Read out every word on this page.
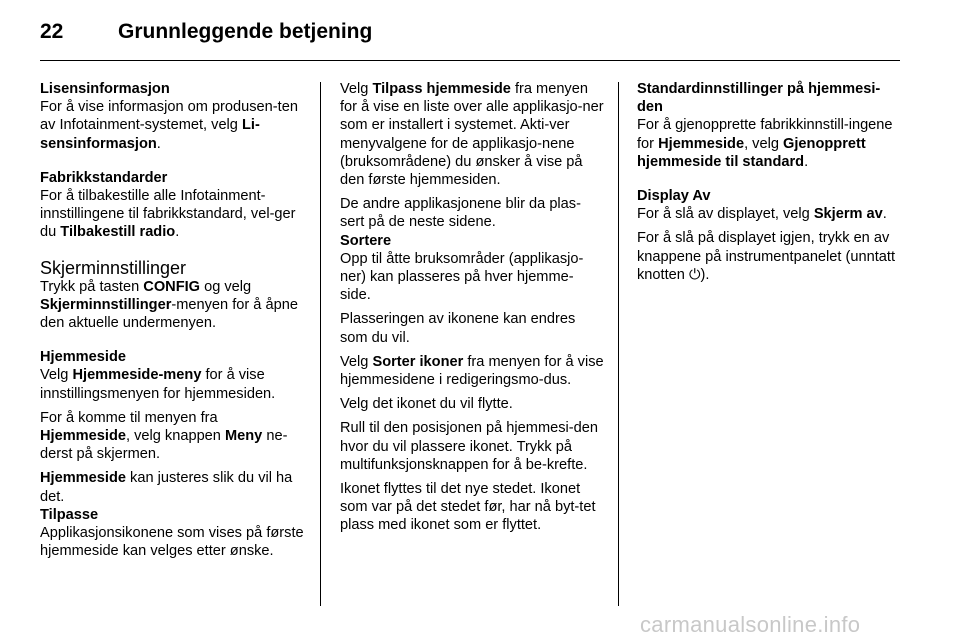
22	Grunnleggende betjening
Lisensinformasjon

For å vise informasjon om produsen-ten av Infotainment-systemet, velg Li-sensinformasjon.

Fabrikkstandarder

For å tilbakestille alle Infotainment-innstillingene til fabrikkstandard, vel-ger du Tilbakestill radio.

Skjerminnstillinger

Trykk på tasten CONFIG og velg Skjerminnstillinger-menyen for å åpne den aktuelle undermenyen.

Hjemmeside

Velg Hjemmeside-meny for å vise innstillingsmenyen for hjemmesiden.

For å komme til menyen fra Hjemmeside, velg knappen Meny ne-derst på skjermen.

Hjemmeside kan justeres slik du vil ha det.

Tilpasse

Applikasjonsikonene som vises på første hjemmeside kan velges etter ønske.

Velg Tilpass hjemmeside fra menyen for å vise en liste over alle applikasjo-ner som er installert i systemet. Akti-ver menyvalgene for de applikasjo-nene (bruksområdene) du ønsker å vise på den første hjemmesiden.

De andre applikasjonene blir da plas-sert på de neste sidene.

Sortere

Opp til åtte bruksområder (applikasjo-ner) kan plasseres på hver hjemme-side.

Plasseringen av ikonene kan endres som du vil.

Velg Sorter ikoner fra menyen for å vise hjemmesidene i redigeringsmo-dus.

Velg det ikonet du vil flytte.

Rull til den posisjonen på hjemmesi-den hvor du vil plassere ikonet. Trykk på multifunksjonsknappen for å be-krefte.

Ikonet flyttes til det nye stedet. Ikonet som var på det stedet før, har nå byt-tet plass med ikonet som er flyttet.

Standardinnstillinger på hjemmesi-den

For å gjenopprette fabrikkinnstill-ingene for Hjemmeside, velg Gjenopprett hjemmeside til standard.

Display Av

For å slå av displayet, velg Skjerm av.

For å slå på displayet igjen, trykk en av knappene på instrumentpanelet (unntatt knotten ⏻).

carmanualsonline.info
